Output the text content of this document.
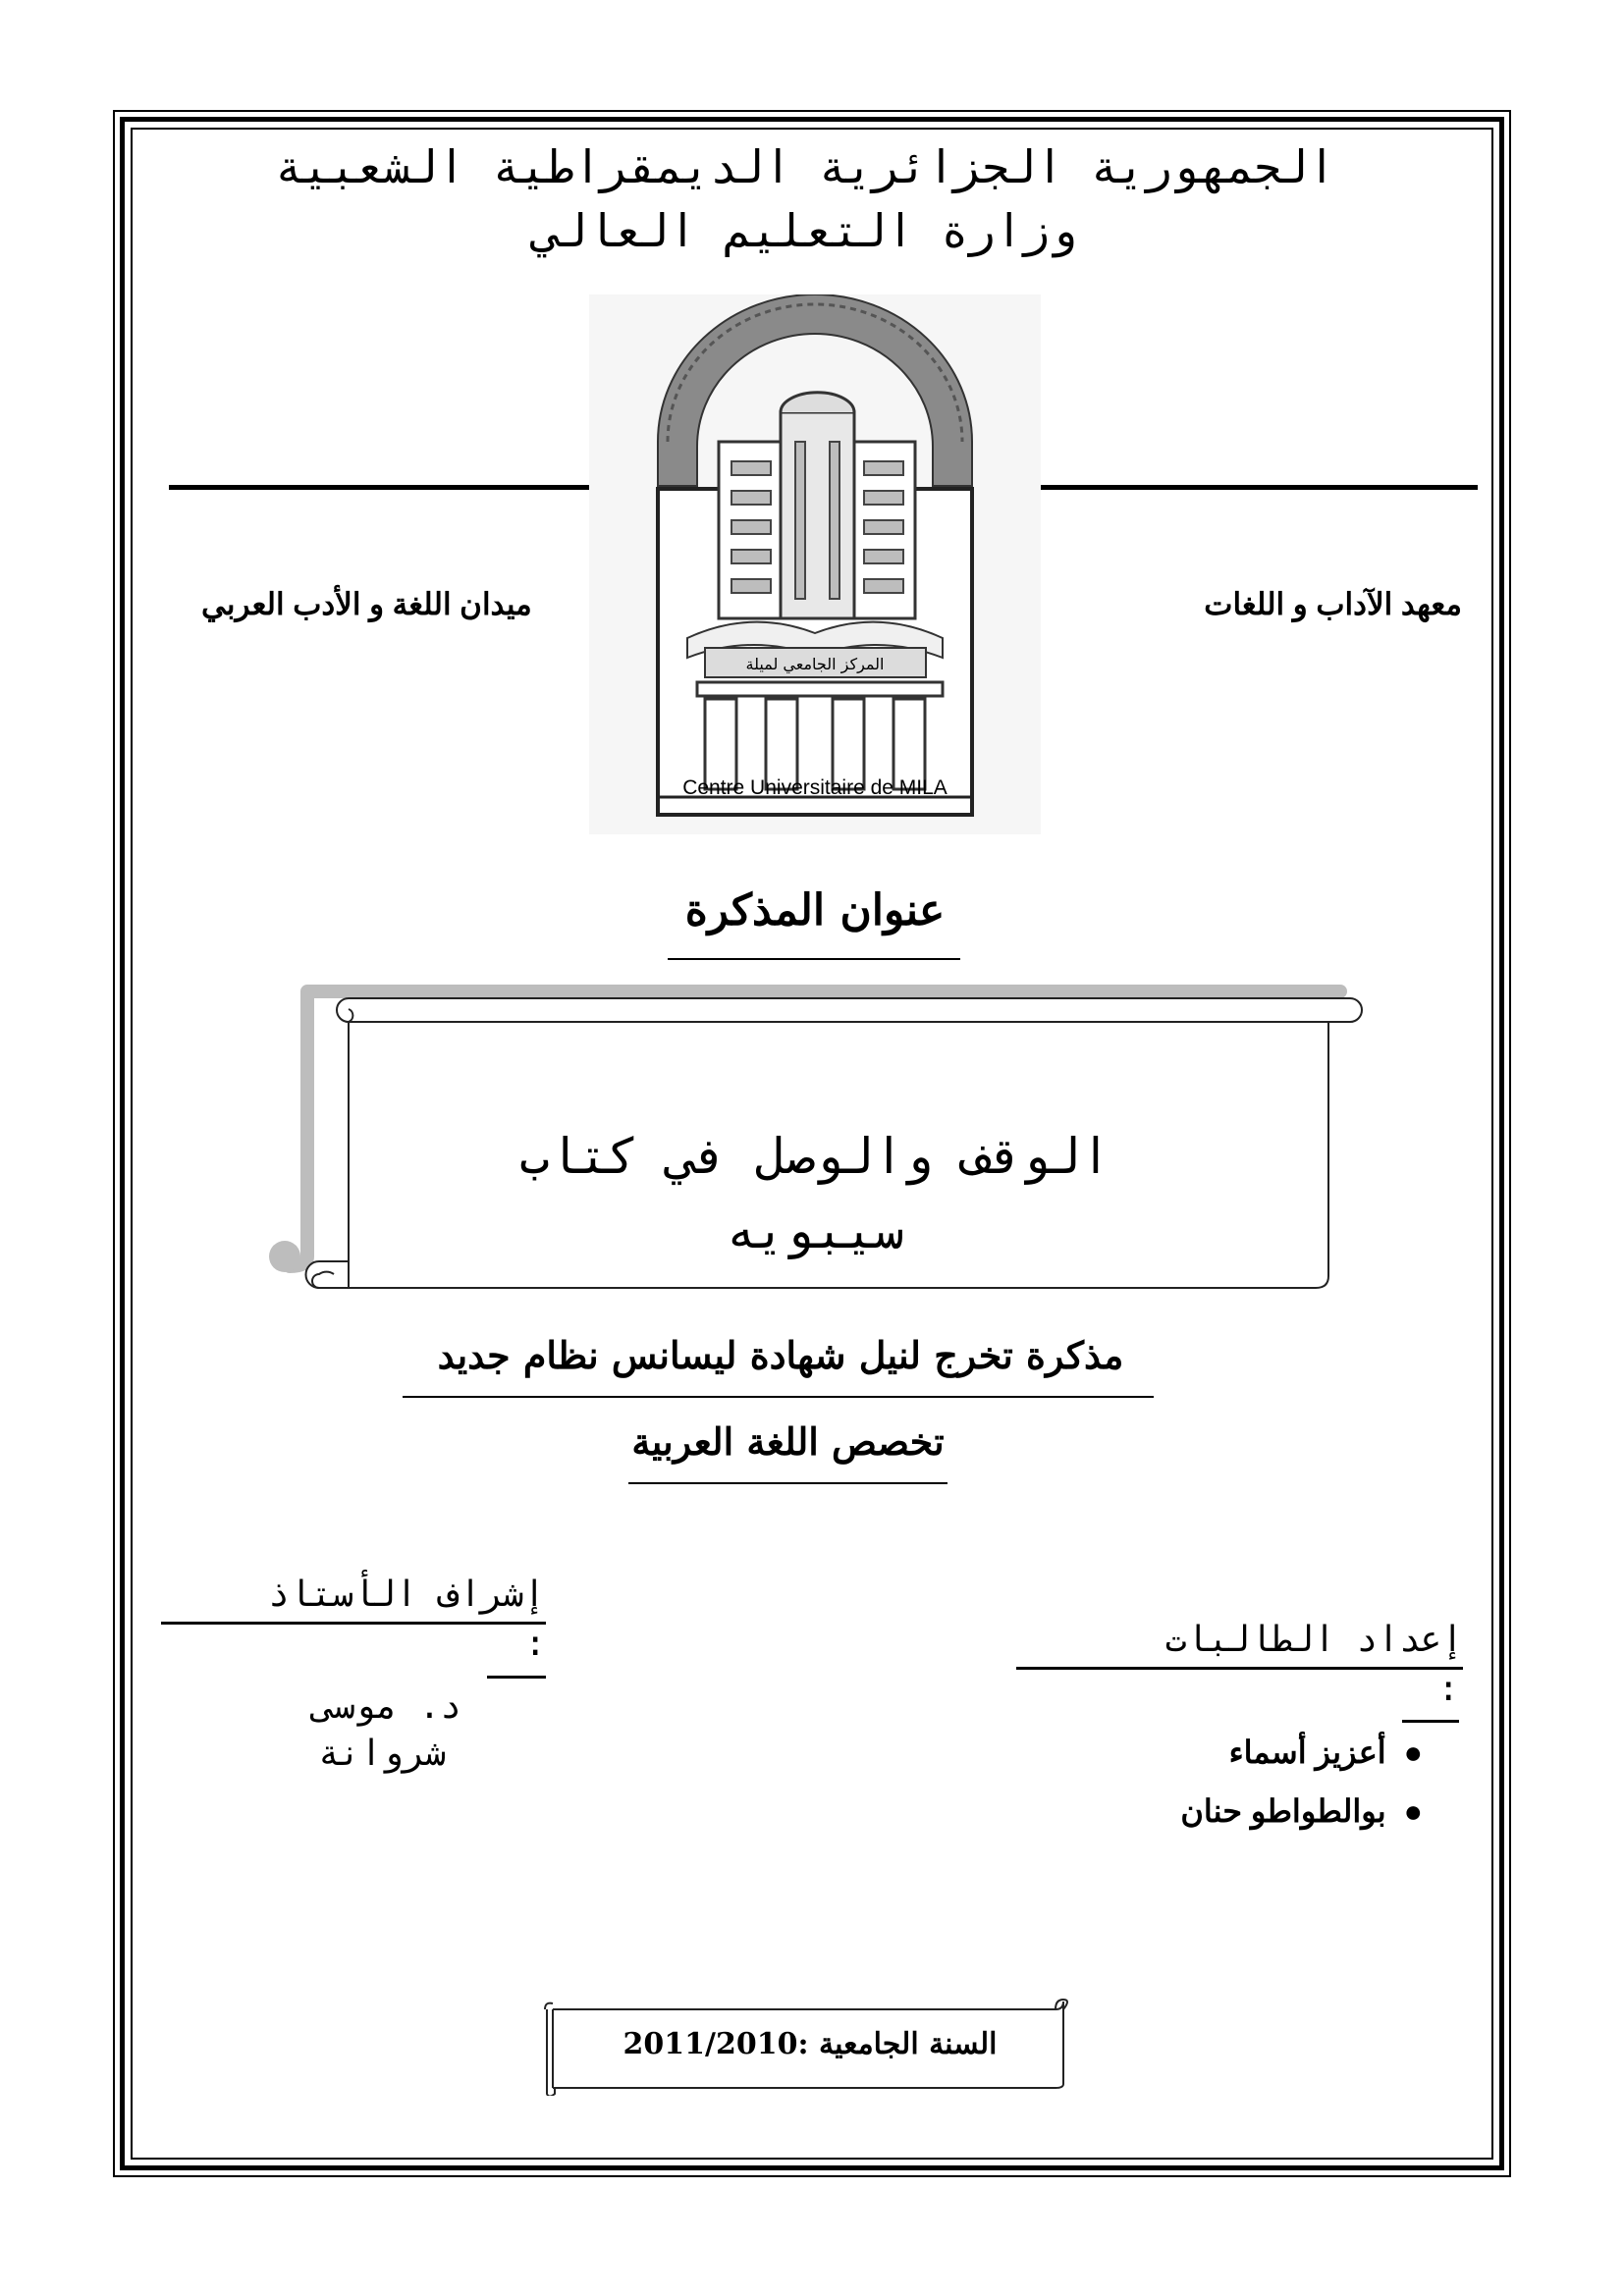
الجمهورية الجزائرية الديمقراطية الشعبية
وزارة التعليم العالي
المركز الجامعي لميلة
Centre Universitaire de MILA
معهد الآداب و اللغات
ميدان اللغة و الأدب العربي
عنوان المذكرة
الوقف والوصل في كتاب
سيبويه
مذكرة تخرج لنيل شهادة ليسانس نظام جديد
تخصص اللغة العربية
إشراف الأستاذ
:
د. موسى
شروانة
إعداد الطالبات
:
●أعزيز أسماء
●بوالطواطو حنان
السنة الجامعية :2011/2010
